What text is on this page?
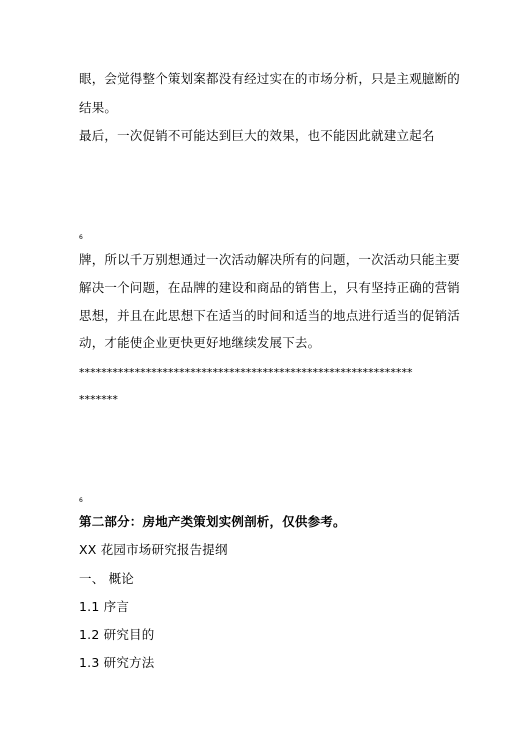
眼，会觉得整个策划案都没有经过实在的市场分析，只是主观臆断的
结果。
最后，一次促销不可能达到巨大的效果，也不能因此就建立起名
6
牌，所以千万别想通过一次活动解决所有的问题，一次活动只能主要
解决一个问题，在品牌的建设和商品的销售上，只有坚持正确的营销
思想，并且在此思想下在适当的时间和适当的地点进行适当的促销活
动，才能使企业更快更好地继续发展下去。
************************************************************
*******
6
第二部分：房地产类策划实例剖析，仅供参考。
XX 花园市场研究报告提纲
一、 概论
1.1 序言
1.2 研究目的
1.3 研究方法
